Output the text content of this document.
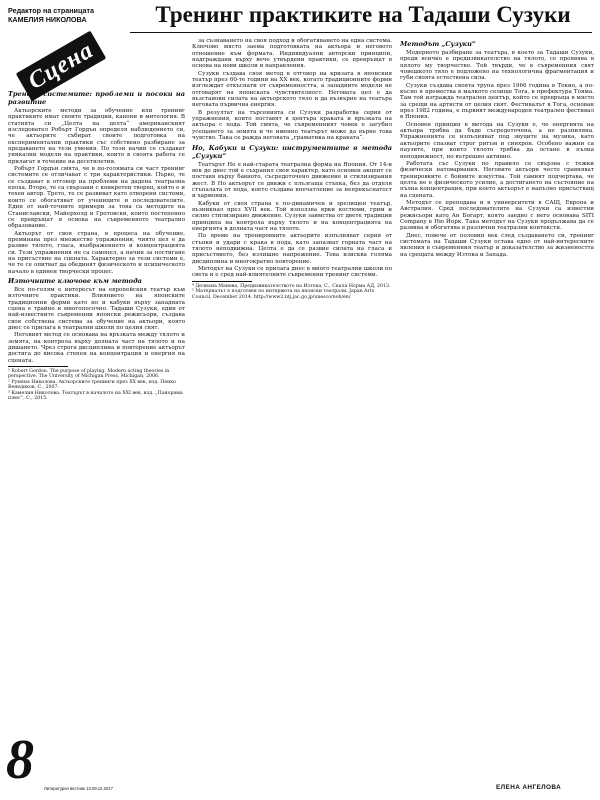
Редактор на страницата
КАМЕЛИЯ НИКОЛОВА
Сцена
Тренинг практиките на Тадаши Сузуки
Тренинг системите: проблеми и посоки на развитие

Актьорските методи за обучение или тренинг практиките имат своите традиции, канони и митология. В статията си „Целта на целта“ американският изследовател Робърт Гордън определя наблюдението си, че актьорите събират своите подготовка на експериментални практики със собствено разбиране за предаването на тези умения. По този начин се създават уникални модели на практики, които в своята работа се прилагат в течение на десетилетия.

Робърт Гордън смята, че в по-голямата си част тренинг системите се отличават с три характеристики. Първо, те се създават в отговор на проблеми на дадена театрална епоха. Второ, те са свързани с конкретен творец, който е и техен автор. Трето, те се развиват като отворени системи, които се обогатяват от учениците и последователите. Един от най-точните примери за това са методите на Станиславски, Майерхолд и Гротовски, които постепенно се превръщат в основа на съвременното театрално образование.

Актьорът от своя страна, в процеса на обучение, преминава през множество упражнения, чиято цел е да развие тялото, гласа, въображението и концентрацията си. Тези упражнения не са самоцел, а начин за постигане на присъствие на сцената. Характерно за тези системи е, че те се опитват да обединят физическото и психическото начало в единен творчески процес.

Източните ключове към метода

Все по-голям е интересът на европейския театър към източните практики. Влиянието на японските традиционни форми като но и кабуки върху западната сцена е трайно и многопосочно. Тадаши Сузуки, един от най-известните съвременни японски режисьори, създава своя собствена система за обучение на актьори, която днес се прилага в театрални школи по целия свят.

Неговият метод се основава на връзката между тялото и земята, на контрола върху долната част на тялото и на дишането. Чрез строга дисциплина и повторение актьорът достига до висока степен на концентрация и енергия на сцената.

¹ Robert Gordon. The purpose of playing. Modern acting theories in perspective. The University of Michigan Press, Michigan, 2006.

² Румяна Николова. Актьорските тренинги през XX век, изд. Пенко Венедиков, С., 2007.

³ Камелия Николова. Театърът в началото на XXI век, изд. „Панорама плюс“, С., 2015.

за съзнаването на своя подход и обогатяването на една система. Ключово място заема подготовката на актьора и неговото отношение към формата. Индивидуални авторски принципи, надграждани върху вече утвърдени практики, се превръщат в основа на нови школи и направления.

Сузуки създава своя метод в отговор на кризата в японския театър през 60-те години на XX век, когато традиционните форми изглеждат откъснати от съвременността, а западните модели не отговарят на японската чувствителност. Неговата цел е да възстанови силата на актьорското тяло и да възвърне на театъра неговата първична енергия.

В резултат на търсенията си Сузуки разработва серия от упражнения, които поставят в центъра краката и връзката на актьора с пода. Той смята, че съвременният човек е загубил усещането за земята и че именно театърът може да върне това чувство. Така се ражда неговата „граматика на краката“.

Но, Кабуки и Сузуки: инструментите в метода „Сузуки“

Театърът Но е най-старата театрална форма на Япония. От 14-и век до днес той е съхранил своя характер, като основен акцент се поставя върху бавното, съсредоточено движение и стилизирания жест. В Но актьорът се движи с плъзгаща стъпка, без да отделя стъпалата от пода, което създава впечатление за непрекъснатост и хармония.

Кабуки от своя страна е по-динамичен и зрелищен театър, възникнал през XVII век. Той използва ярки костюми, грим и силно стилизирано движение. Сузуки заимства от двете традиции принципа на контрола върху тялото и на концентрацията на енергията в долната част на тялото.

По време на тренировките актьорите изпълняват серия от стъпки и удари с крака в пода, като запазват горната част на тялото неподвижна. Целта е да се развие силата на гласа и присъствието, без излишно напрежение. Това изисква голяма дисциплина и многократно повторение.

Методът на Сузуки се прилага днес в много театрални школи по света и е сред най-влиятелните съвременни тренинг системи.

⁴ Делиана Манева, Предизвикателството на Изтока, С., Скала Норма АД, 2013.

⁵ Материалът е подготвен по интервюта на японски театрали. Japan Arts Council, December 2014. http://www2.ntj.jac.go.jp/unesco/noh/en/

Методът „Сузуки“

Модерното разбиране за театъра, в което за Тадаши Сузуки, преди всичко е предизвикателство на тялото, се проявява в цялото му творчество. Той твърди, че в съвременния свят човешкото тяло е подложено на технологична фрагментация и губи своята естествена сила.

Сузуки създава своята трупа през 1966 година в Токио, а по-късно я премества в малкото селище Тога, в префектура Тояма. Там той изгражда театрален център, който се превръща в място за срещи на артисти от целия свят. Фестивалът в Тога, основан през 1982 година, е първият международен театрален фестивал в Япония.

Основен принцип в метода на Сузуки е, че енергията на актьора трябва да бъде съсредоточена, а не разпиляна. Упражненията се изпълняват под звуците на музика, като актьорите спазват строг ритъм и синхрон. Особено важни са паузите, при които тялото трябва да остане в пълна неподвижност, но вътрешно активно.

Работата със Сузуки по правило се свързва с тежки физически натоварвания. Неговите актьори често сравняват тренировките с бойните изкуства. Той самият подчертава, че целта не е физическото усилие, а достигането на състояние на пълна концентрация, при което актьорът е напълно присъстващ на сцената.

Методът се преподава и в университети в САЩ, Европа и Австралия. Сред последователите на Сузуки са известни режисьори като Ан Богарт, която заедно с него основава SITI Company в Ню Йорк. Така методът на Сузуки продължава да се развива и обогатява в различни театрални контексти.

Днес, повече от половин век след създаването си, тренинг системата на Тадаши Сузуки остава едно от най-интересните явления в съвременния театър и доказателство за жизнеността на срещата между Изтока и Запада.

8 Литературен вестник 13.09.12.2017	ЕЛЕНА АНГЕЛОВА
